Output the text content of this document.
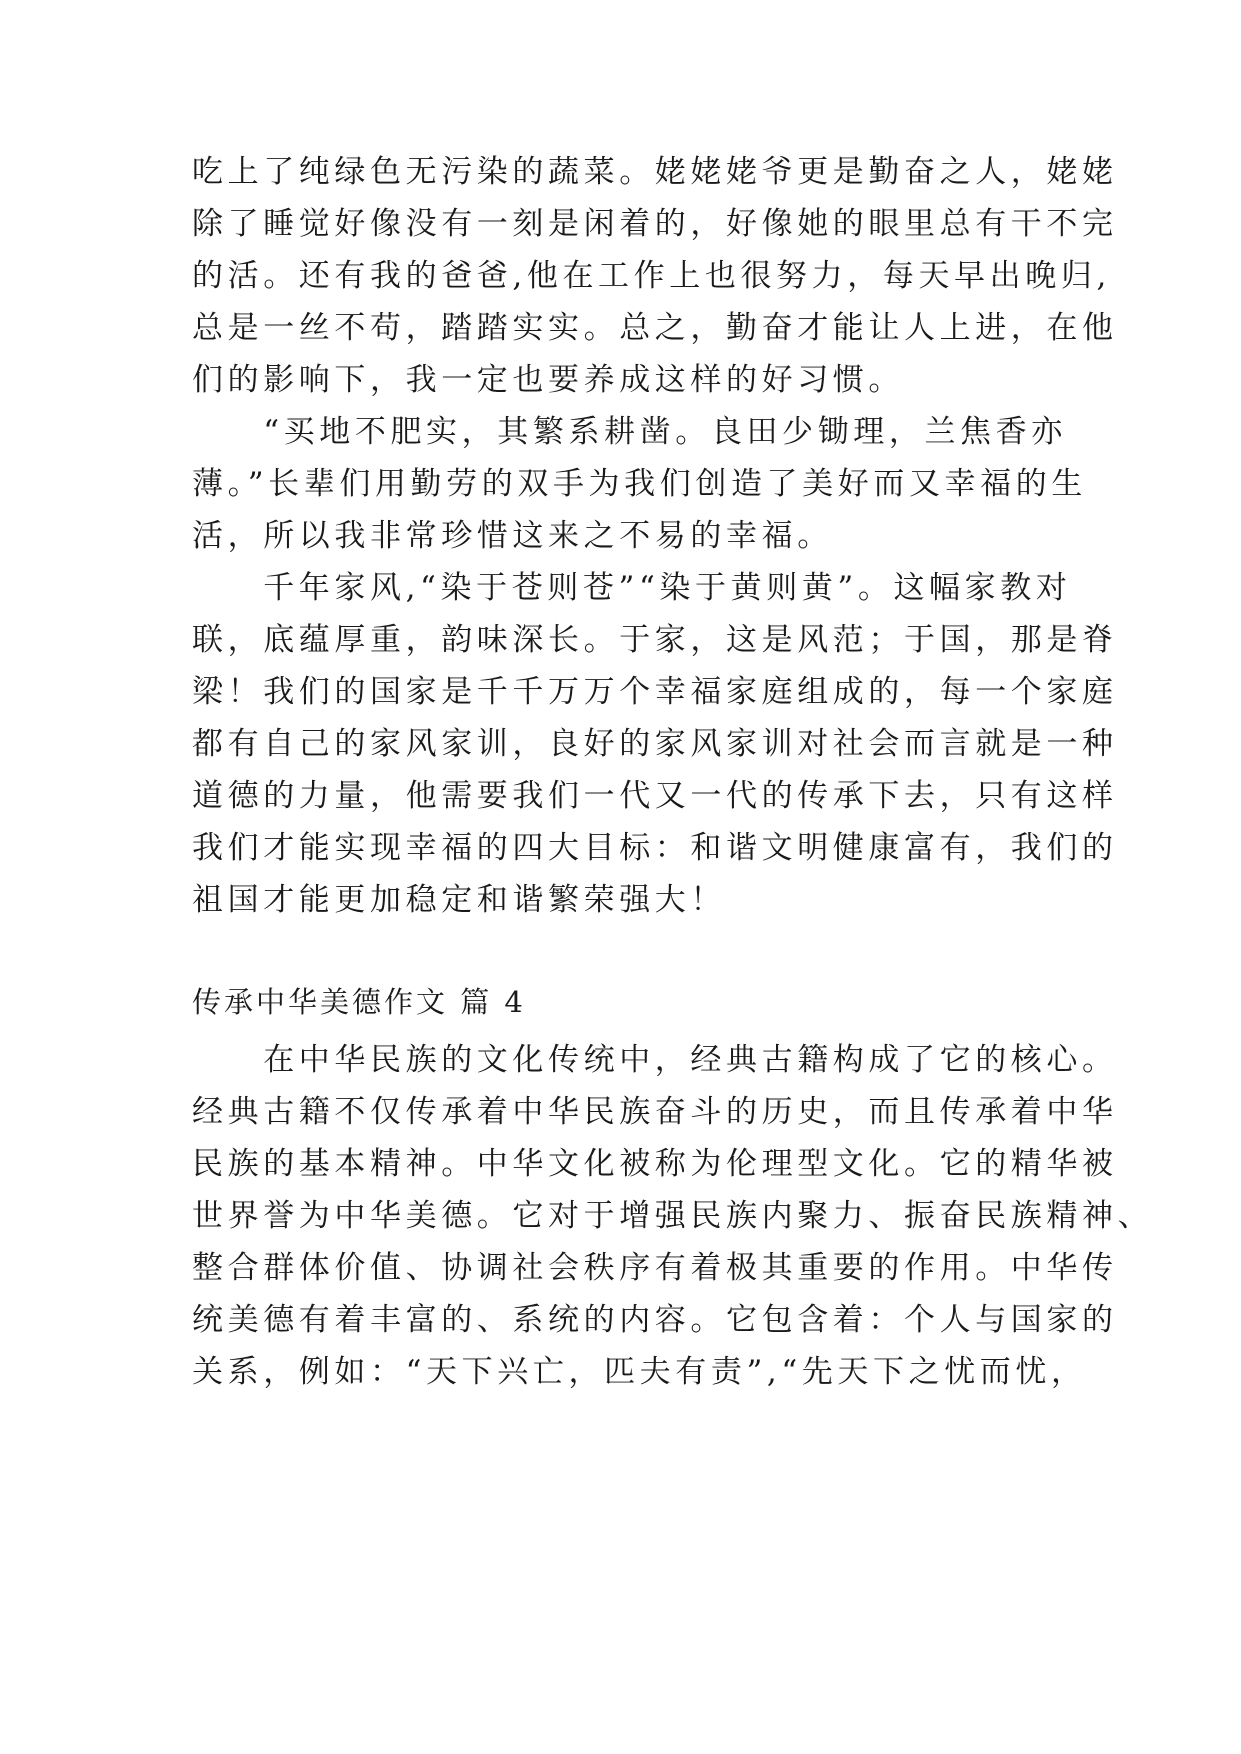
吃上了纯绿色无污染的蔬菜。姥姥姥爷更是勤奋之人，姥姥
除了睡觉好像没有一刻是闲着的，好像她的眼里总有干不完
的活。还有我的爸爸,他在工作上也很努力，每天早出晚归,
总是一丝不苟，踏踏实实。总之，勤奋才能让人上进，在他
们的影响下，我一定也要养成这样的好习惯。
　　“买地不肥实，其繁系耕凿。良田少锄理，兰焦香亦
薄。”长辈们用勤劳的双手为我们创造了美好而又幸福的生
活，所以我非常珍惜这来之不易的幸福。
　　千年家风,“染于苍则苍”“染于黄则黄”。这幅家教对
联，底蕴厚重，韵味深长。于家，这是风范；于国，那是脊
梁！我们的国家是千千万万个幸福家庭组成的，每一个家庭
都有自己的家风家训，良好的家风家训对社会而言就是一种
道德的力量，他需要我们一代又一代的传承下去，只有这样
我们才能实现幸福的四大目标：和谐文明健康富有，我们的
祖国才能更加稳定和谐繁荣强大！
传承中华美德作文 篇 4
　　在中华民族的文化传统中，经典古籍构成了它的核心。
经典古籍不仅传承着中华民族奋斗的历史，而且传承着中华
民族的基本精神。中华文化被称为伦理型文化。它的精华被
世界誉为中华美德。它对于增强民族内聚力、振奋民族精神、
整合群体价值、协调社会秩序有着极其重要的作用。中华传
统美德有着丰富的、系统的内容。它包含着：个人与国家的
关系，例如：“天下兴亡，匹夫有责”,“先天下之忧而忧，
